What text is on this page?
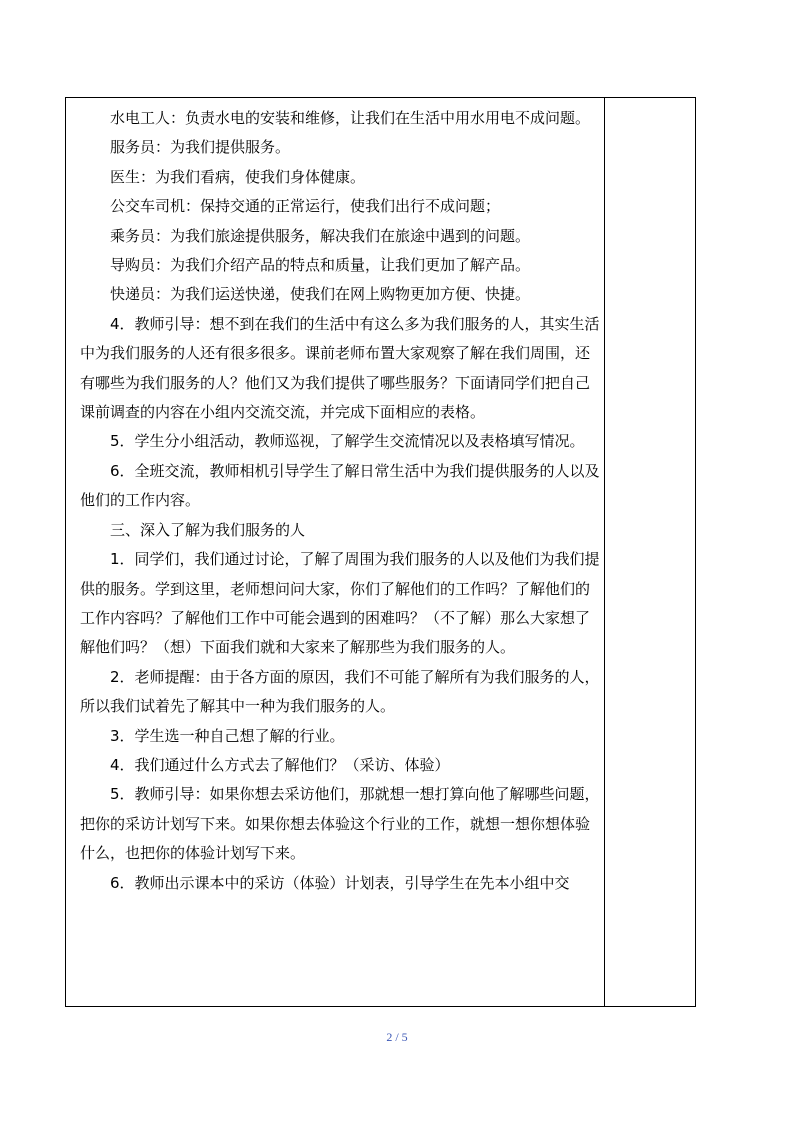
水电工人：负责水电的安装和维修，让我们在生活中用水用电不成问题。

服务员：为我们提供服务。

医生：为我们看病，使我们身体健康。

公交车司机：保持交通的正常运行，使我们出行不成问题；

乘务员：为我们旅途提供服务，解决我们在旅途中遇到的问题。

导购员：为我们介绍产品的特点和质量，让我们更加了解产品。

快递员：为我们运送快递，使我们在网上购物更加方便、快捷。

4．教师引导：想不到在我们的生活中有这么多为我们服务的人，其实生活中为我们服务的人还有很多很多。课前老师布置大家观察了解在我们周围，还有哪些为我们服务的人？他们又为我们提供了哪些服务？下面请同学们把自己课前调查的内容在小组内交流交流，并完成下面相应的表格。

5．学生分小组活动，教师巡视，了解学生交流情况以及表格填写情况。

6．全班交流，教师相机引导学生了解日常生活中为我们提供服务的人以及他们的工作内容。

三、深入了解为我们服务的人

1．同学们，我们通过讨论，了解了周围为我们服务的人以及他们为我们提供的服务。学到这里，老师想问问大家，你们了解他们的工作吗？了解他们的工作内容吗？了解他们工作中可能会遇到的困难吗？（不了解）那么大家想了解他们吗？（想）下面我们就和大家来了解那些为我们服务的人。

2．老师提醒：由于各方面的原因，我们不可能了解所有为我们服务的人，所以我们试着先了解其中一种为我们服务的人。

3．学生选一种自己想了解的行业。

4．我们通过什么方式去了解他们？（采访、体验）

5．教师引导：如果你想去采访他们，那就想一想打算向他了解哪些问题，把你的采访计划写下来。如果你想去体验这个行业的工作，就想一想你想体验什么，也把你的体验计划写下来。

6．教师出示课本中的采访（体验）计划表，引导学生在先本小组中交

2 / 5
